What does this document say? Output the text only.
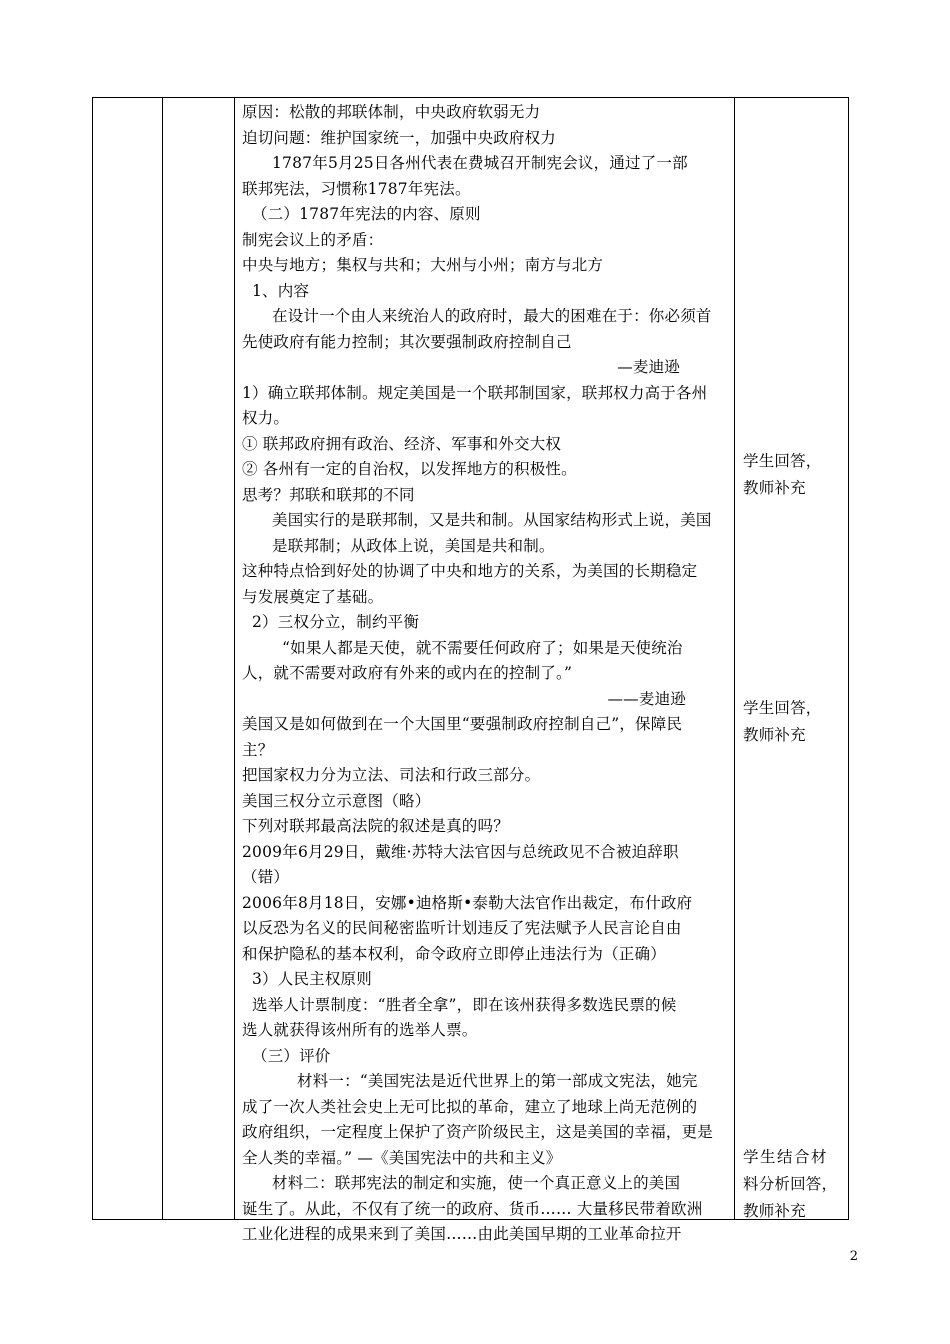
原因：松散的邦联体制，中央政府软弱无力
迫切问题：维护国家统一，加强中央政府权力
1787年5月25日各州代表在费城召开制宪会议，通过了一部
联邦宪法，习惯称1787年宪法。
（二）1787年宪法的内容、原则
制宪会议上的矛盾：
中央与地方；集权与共和；大州与小州；南方与北方
1、内容
在设计一个由人来统治人的政府时，最大的困难在于：你必须首
先使政府有能力控制；其次要强制政府控制自己
—麦迪逊
1）确立联邦体制。规定美国是一个联邦制国家，联邦权力高于各州
权力。
① 联邦政府拥有政治、经济、军事和外交大权
② 各州有一定的自治权，以发挥地方的积极性。
思考？邦联和联邦的不同
美国实行的是联邦制，又是共和制。从国家结构形式上说，美国
是联邦制；从政体上说，美国是共和制。
这种特点恰到好处的协调了中央和地方的关系，为美国的长期稳定
与发展奠定了基础。
2）三权分立，制约平衡
“如果人都是天使，就不需要任何政府了；如果是天使统治
人，就不需要对政府有外来的或内在的控制了。”
——麦迪逊
美国又是如何做到在一个大国里“要强制政府控制自己”，保障民
主？
把国家权力分为立法、司法和行政三部分。
美国三权分立示意图（略）
下列对联邦最高法院的叙述是真的吗？
2009年6月29日，戴维·苏特大法官因与总统政见不合被迫辞职
（错）
2006年8月18日，安娜•迪格斯•泰勒大法官作出裁定，布什政府
以反恐为名义的民间秘密监听计划违反了宪法赋予人民言论自由
和保护隐私的基本权利，命令政府立即停止违法行为（正确）
3）人民主权原则
选举人计票制度：“胜者全拿”，即在该州获得多数选民票的候
选人就获得该州所有的选举人票。
（三）评价
材料一：“美国宪法是近代世界上的第一部成文宪法，她完
成了一次人类社会史上无可比拟的革命，建立了地球上尚无范例的
政府组织，一定程度上保护了资产阶级民主，这是美国的幸福，更是
全人类的幸福。” —《美国宪法中的共和主义》
材料二：联邦宪法的制定和实施，使一个真正意义上的美国
诞生了。从此，不仅有了统一的政府、货币…… 大量移民带着欧洲
工业化进程的成果来到了美国……由此美国早期的工业革命拉开
学生回答，
教师补充
学生回答，
教师补充
学生结合材
料分析回答，
教师补充
2
